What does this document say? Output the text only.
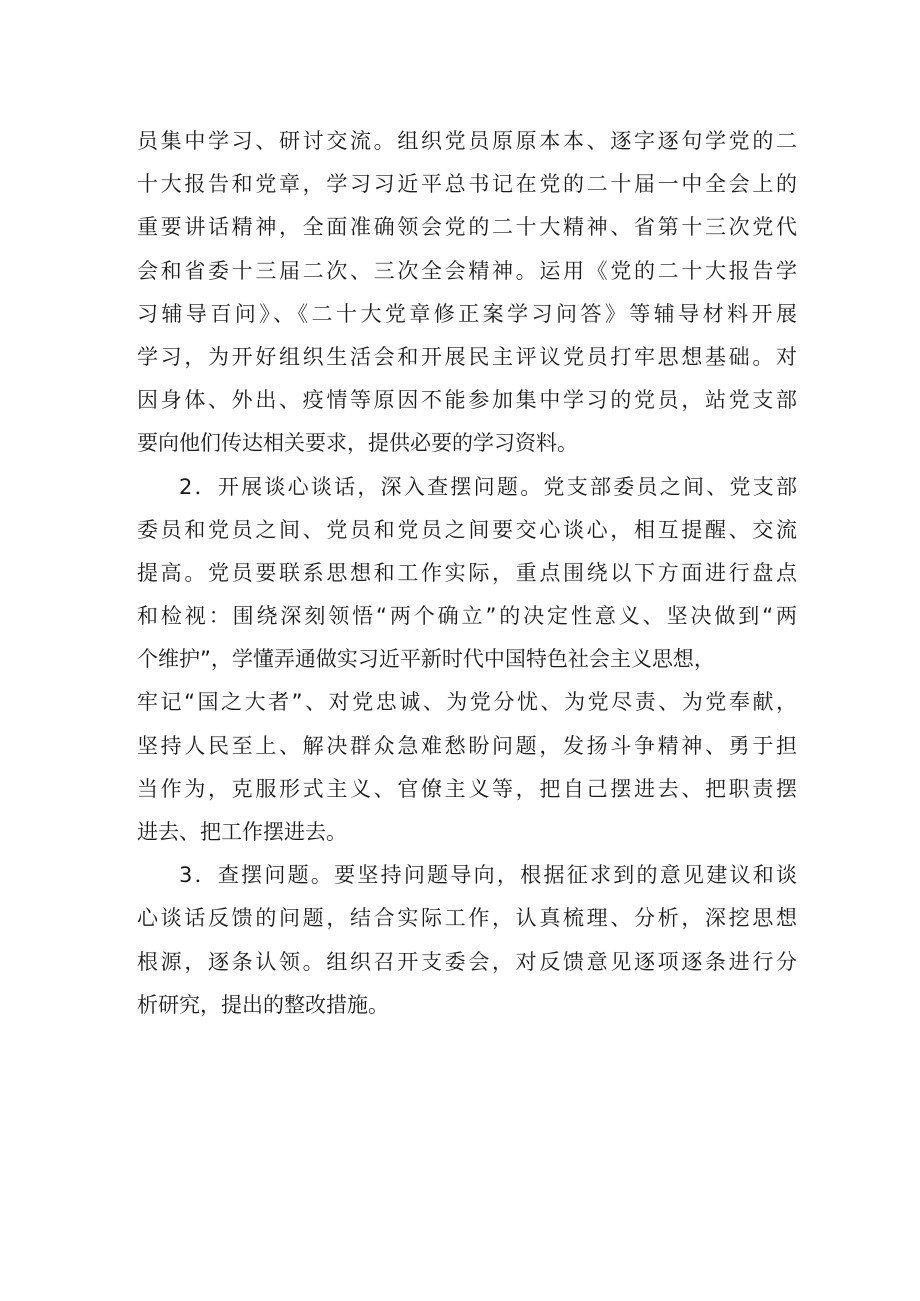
员集中学习、研讨交流。组织党员原原本本、逐字逐句学党的二
十大报告和党章，学习习近平总书记在党的二十届一中全会上的
重要讲话精神，全面准确领会党的二十大精神、省第十三次党代
会和省委十三届二次、三次全会精神。运用《党的二十大报告学
习辅导百问》、《二十大党章修正案学习问答》等辅导材料开展
学习，为开好组织生活会和开展民主评议党员打牢思想基础。对
因身体、外出、疫情等原因不能参加集中学习的党员，站党支部
要向他们传达相关要求，提供必要的学习资料。
2．开展谈心谈话，深入查摆问题。党支部委员之间、党支部
委员和党员之间、党员和党员之间要交心谈心，相互提醒、交流
提高。党员要联系思想和工作实际，重点围绕以下方面进行盘点
和检视：围绕深刻领悟“两个确立”的决定性意义、坚决做到“两
个维护”，学懂弄通做实习近平新时代中国特色社会主义思想，
牢记“国之大者”、对党忠诚、为党分忧、为党尽责、为党奉献，
坚持人民至上、解决群众急难愁盼问题，发扬斗争精神、勇于担
当作为，克服形式主义、官僚主义等，把自己摆进去、把职责摆
进去、把工作摆进去。
3．查摆问题。要坚持问题导向，根据征求到的意见建议和谈
心谈话反馈的问题，结合实际工作，认真梳理、分析，深挖思想
根源，逐条认领。组织召开支委会，对反馈意见逐项逐条进行分
析研究，提出的整改措施。
